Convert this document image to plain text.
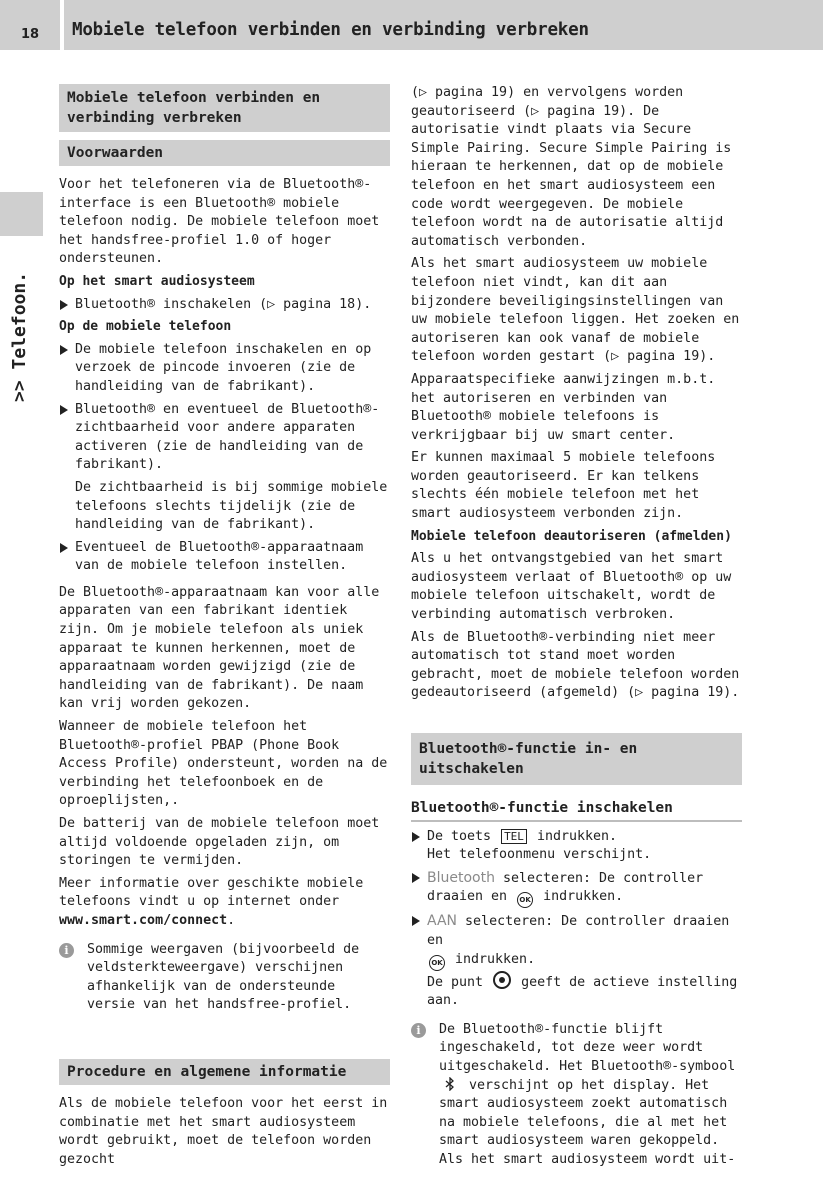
18	Mobiele telefoon verbinden en verbinding verbreken
>> Telefoon.
Mobiele telefoon verbinden en verbinding verbreken
Voorwaarden

Voor het telefoneren via de Bluetooth®-interface is een Bluetooth® mobiele telefoon nodig. De mobiele telefoon moet het handsfree-profiel 1.0 of hoger ondersteunen.

Op het smart audiosysteem
Bluetooth® inschakelen (▷ pagina 18).
Op de mobiele telefoon
De mobiele telefoon inschakelen en op verzoek de pincode invoeren (zie de handleiding van de fabrikant).
Bluetooth® en eventueel de Bluetooth®-zichtbaarheid voor andere apparaten activeren (zie de handleiding van de fabrikant).
De zichtbaarheid is bij sommige mobiele telefoons slechts tijdelijk (zie de handleiding van de fabrikant).
Eventueel de Bluetooth®-apparaatnaam van de mobiele telefoon instellen.

De Bluetooth®-apparaatnaam kan voor alle apparaten van een fabrikant identiek zijn. Om je mobiele telefoon als uniek apparaat te kunnen herkennen, moet de apparaatnaam worden gewijzigd (zie de handleiding van de fabrikant). De naam kan vrij worden gekozen.

Wanneer de mobiele telefoon het Bluetooth®-profiel PBAP (Phone Book Access Profile) ondersteunt, worden na de verbinding het telefoonboek en de oproeplijsten,.

De batterij van de mobiele telefoon moet altijd voldoende opgeladen zijn, om storingen te vermijden.

Meer informatie over geschikte mobiele telefoons vindt u op internet onder www.smart.com/connect.

i	Sommige weergaven (bijvoorbeeld de veldsterkteweergave) verschijnen afhankelijk van de ondersteunde versie van het handsfree-profiel.
Procedure en algemene informatie

Als de mobiele telefoon voor het eerst in combinatie met het smart audiosysteem wordt gebruikt, moet de telefoon worden gezocht

(▷ pagina 19) en vervolgens worden geautoriseerd (▷ pagina 19). De autorisatie vindt plaats via Secure Simple Pairing. Secure Simple Pairing is hieraan te herkennen, dat op de mobiele telefoon en het smart audiosysteem een code wordt weergegeven. De mobiele telefoon wordt na de autorisatie altijd automatisch verbonden.

Als het smart audiosysteem uw mobiele telefoon niet vindt, kan dit aan bijzondere beveiligingsinstellingen van uw mobiele telefoon liggen. Het zoeken en autoriseren kan ook vanaf de mobiele telefoon worden gestart (▷ pagina 19).

Apparaatspecifieke aanwijzingen m.b.t. het autoriseren en verbinden van Bluetooth® mobiele telefoons is verkrijgbaar bij uw smart center.

Er kunnen maximaal 5 mobiele telefoons worden geautoriseerd. Er kan telkens slechts één mobiele telefoon met het smart audiosysteem verbonden zijn.

Mobiele telefoon deautoriseren (afmelden)

Als u het ontvangstgebied van het smart audiosysteem verlaat of Bluetooth® op uw mobiele telefoon uitschakelt, wordt de verbinding automatisch verbroken.

Als de Bluetooth®-verbinding niet meer automatisch tot stand moet worden gebracht, moet de mobiele telefoon worden gedeautoriseerd (afgemeld) (▷ pagina 19).

Bluetooth®-functie in- en uitschakelen
Bluetooth®-functie inschakelen
De toets TEL indrukken.
Het telefoonmenu verschijnt.
Bluetooth selecteren: De controller draaien en OK indrukken.
AAN selecteren: De controller draaien en
OK indrukken.
De punt	geeft de actieve instelling aan.
i	De Bluetooth®-functie blijft ingeschakeld, tot deze weer wordt uitgeschakeld. Het Bluetooth®-symbool  verschijnt op het display. Het smart audiosysteem zoekt automatisch na mobiele telefoons, die al met het smart audiosysteem waren gekoppeld. Als het smart audiosysteem wordt uit-
